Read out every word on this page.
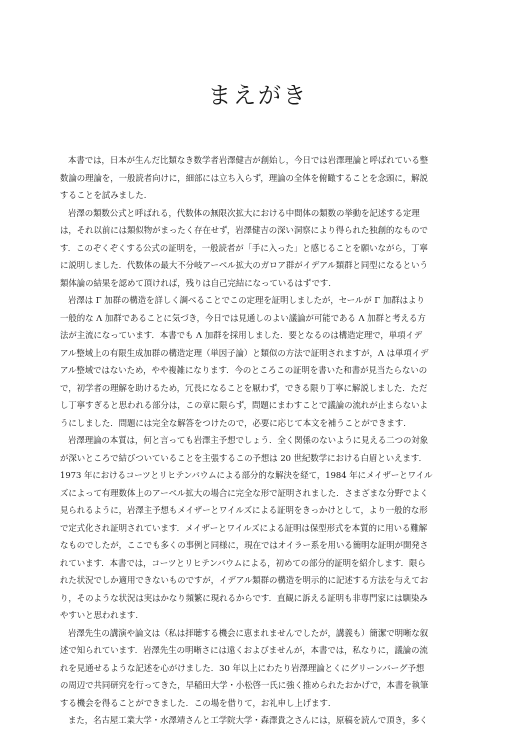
まえがき
本書では，日本が生んだ比類なき数学者岩澤健吉が創始し，今日では岩澤理論と呼ばれている整
数論の理論を，一般読者向けに，細部には立ち入らず，理論の全体を俯瞰することを念頭に，解説
することを試みました.
岩澤の類数公式と呼ばれる，代数体の無限次拡大における中間体の類数の挙動を記述する定理
は，それ以前には類似物がまったく存在せず，岩澤健吉の深い洞察により得られた独創的なもので
す．このぞくぞくする公式の証明を，一般読者が「手に入った」と感じることを願いながら，丁寧
に説明しました．代数体の最大不分岐アーベル拡大のガロア群がイデアル類群と同型になるという
類体論の結果を認めて頂ければ，残りは自己完結になっているはずです.
岩澤は Γ 加群の構造を詳しく調べることでこの定理を証明しましたが，セールが Γ 加群はより
一般的な Λ 加群であることに気づき，今日では見通しのよい議論が可能である Λ 加群と考える方
法が主流になっています．本書でも Λ 加群を採用しました．要となるのは構造定理で，単項イデ
アル整域上の有限生成加群の構造定理（単因子論）と類似の方法で証明されますが，Λ は単項イデ
アル整域ではないため，やや複雑になります．今のところこの証明を書いた和書が見当たらないの
で，初学者の理解を助けるため，冗長になることを厭わず，できる限り丁寧に解説しました．ただ
し丁寧すぎると思われる部分は，この章に限らず，問題にまわすことで議論の流れが止まらないよ
うにしました．問題には完全な解答をつけたので，必要に応じて本文を補うことができます.
岩澤理論の本質は，何と言っても岩澤主予想でしょう．全く関係のないように見える二つの対象
が深いところで結びついていることを主張するこの予想は 20 世紀数学における白眉といえます．
1973 年におけるコーツとリヒテンバウムによる部分的な解決を経て，1984 年にメイザーとワイル
ズによって有理数体上のアーベル拡大の場合に完全な形で証明されました．さまざまな分野でよく
見られるように，岩澤主予想もメイザーとワイルズによる証明をきっかけとして，より一般的な形
で定式化され証明されています．メイザーとワイルズによる証明は保型形式を本質的に用いる難解
なものでしたが，ここでも多くの事例と同様に，現在ではオイラー系を用いる簡明な証明が開発さ
れています．本書では，コーツとリヒテンバウムによる，初めての部分的証明を紹介します．限ら
れた状況でしか適用できないものですが，イデアル類群の構造を明示的に記述する方法を与えてお
り，そのような状況は実はかなり頻繁に現れるからです．直観に訴える証明も非専門家には馴染み
やすいと思われます.
岩澤先生の講演や論文は（私は拝聴する機会に恵まれませんでしたが，講義も）簡潔で明晰な叙
述で知られています．岩澤先生の明晰さには遠くおよびませんが，本書では，私なりに，議論の流
れを見通せるような記述を心がけました．30 年以上にわたり岩澤理論とくにグリーンバーグ予想
の周辺で共同研究を行ってきた，早稲田大学・小松啓一氏に強く推められたおかげで，本書を執筆
する機会を得ることができました．この場を借りて，お礼申し上げます.
また，名古屋工業大学・水澤靖さんと工学院大学・森澤貴之さんには，原稿を読んで頂き，多く
